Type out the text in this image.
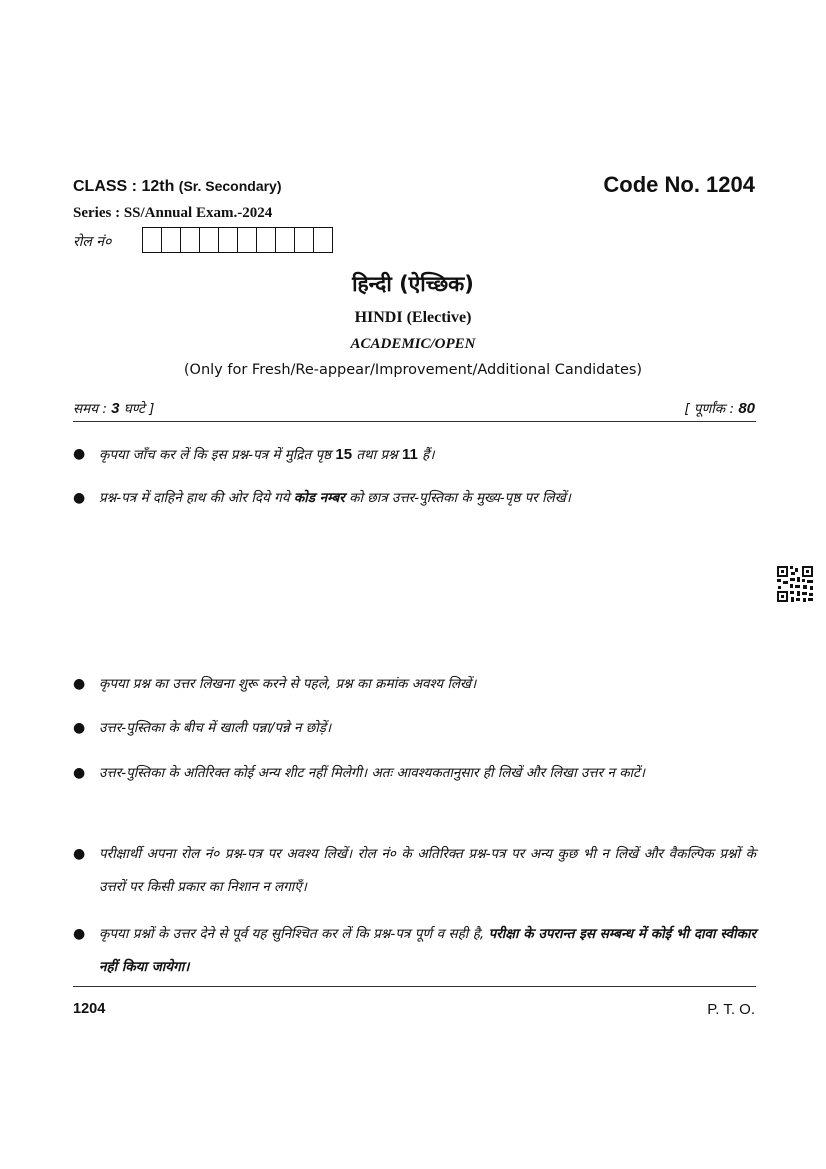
CLASS : 12th (Sr. Secondary)	Code No. 1204
Series : SS/Annual Exam.-2024
रोल नं०
हिन्दी (ऐच्छिक)
HINDI (Elective)
ACADEMIC/OPEN
(Only for Fresh/Re-appear/Improvement/Additional Candidates)
समय : 3 घण्टे ]	[ पूर्णांक : 80
● कृपया जाँच कर लें कि इस प्रश्न-पत्र में मुद्रित पृष्ठ 15 तथा प्रश्न 11 हैं।
● प्रश्न-पत्र में दाहिने हाथ की ओर दिये गये कोड नम्बर को छात्र उत्तर-पुस्तिका के मुख्य-पृष्ठ पर लिखें।
● कृपया प्रश्न का उत्तर लिखना शुरू करने से पहले, प्रश्न का क्रमांक अवश्य लिखें।
● उत्तर-पुस्तिका के बीच में खाली पन्ना/पन्ने न छोड़ें।
● उत्तर-पुस्तिका के अतिरिक्त कोई अन्य शीट नहीं मिलेगी। अतः आवश्यकतानुसार ही लिखें और लिखा उत्तर न काटें।
● परीक्षार्थी अपना रोल नं० प्रश्न-पत्र पर अवश्य लिखें। रोल नं० के अतिरिक्त प्रश्न-पत्र पर अन्य कुछ भी न लिखें और वैकल्पिक प्रश्नों के उत्तरों पर किसी प्रकार का निशान न लगाएँ।
● कृपया प्रश्नों के उत्तर देने से पूर्व यह सुनिश्चित कर लें कि प्रश्न-पत्र पूर्ण व सही है, परीक्षा के उपरान्त इस सम्बन्ध में कोई भी दावा स्वीकार नहीं किया जायेगा।
1204	P. T. O.
